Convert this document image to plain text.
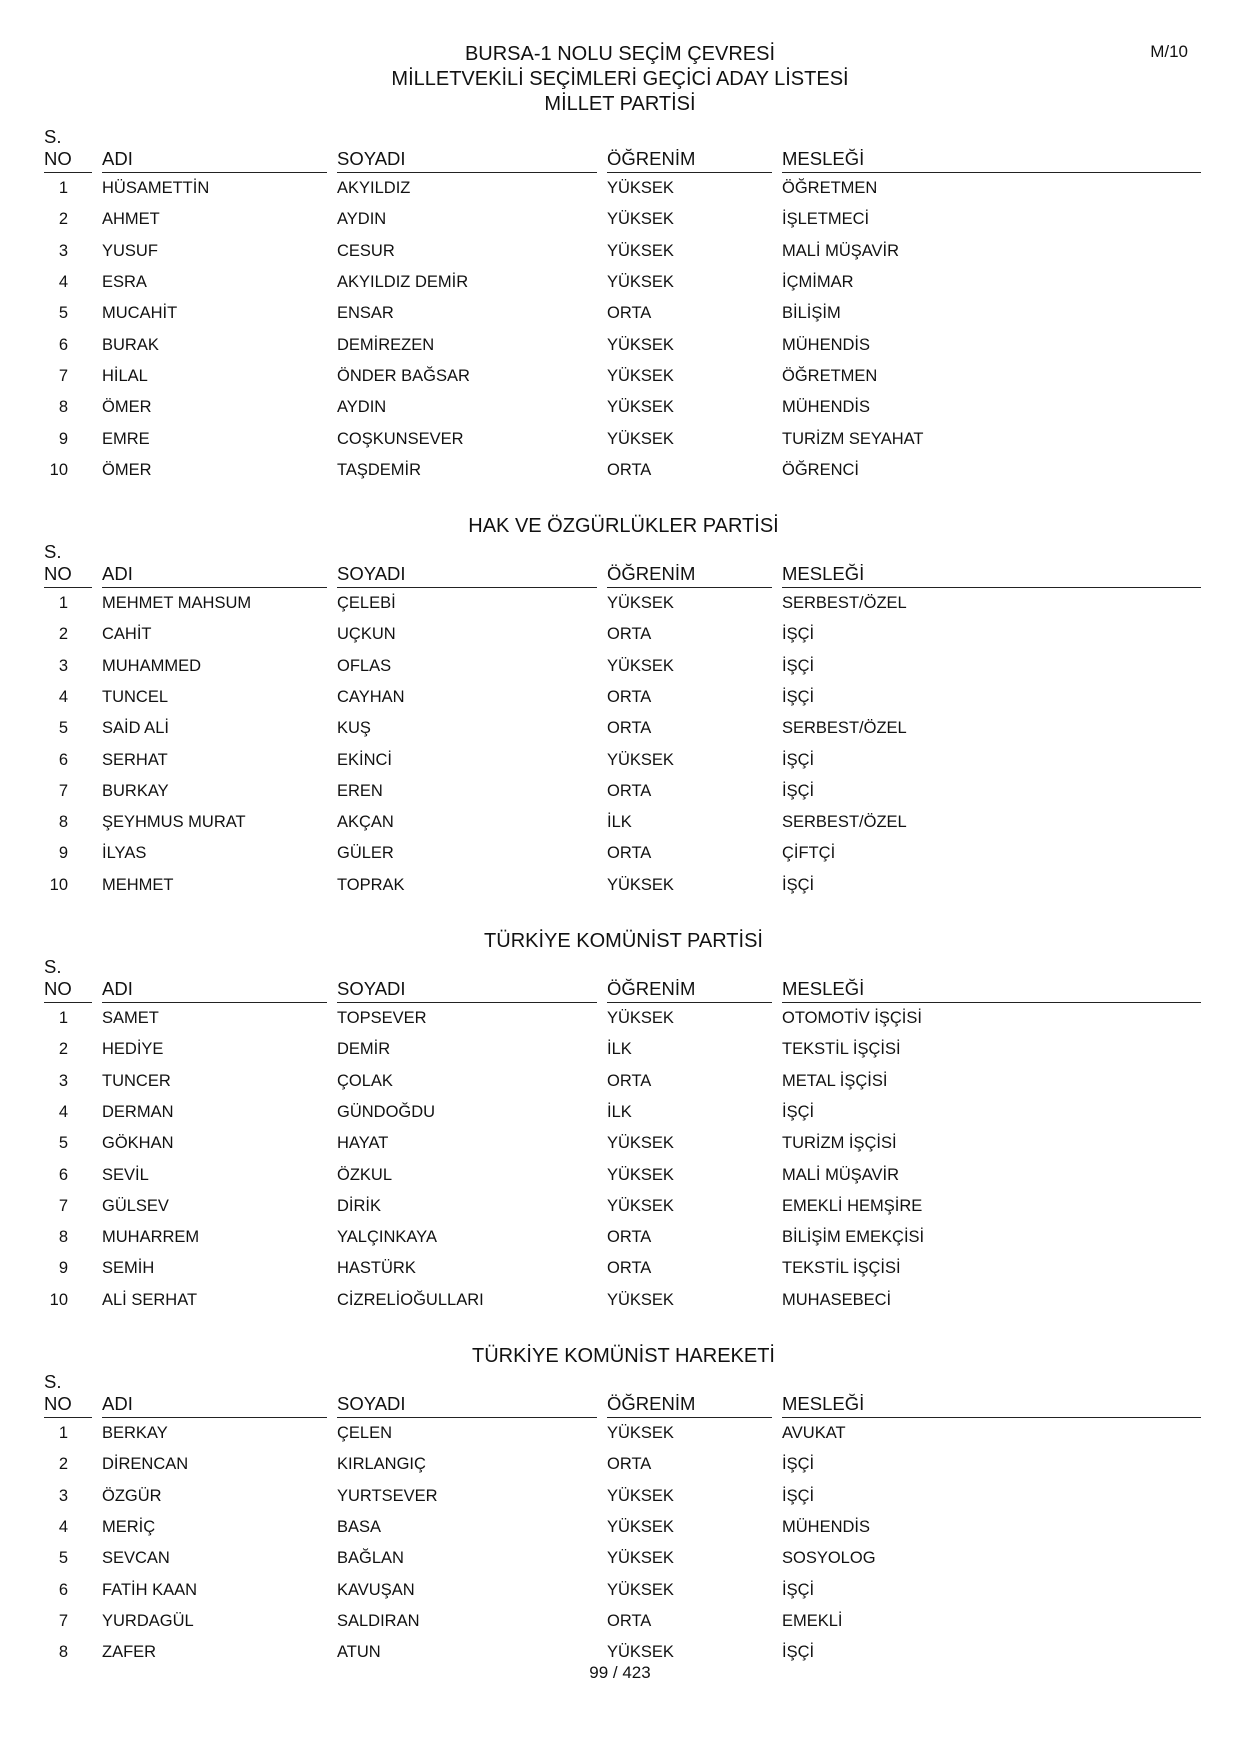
M/10
BURSA-1 NOLU SEÇİM ÇEVRESİ
MİLLETVEKİLİ SEÇİMLERİ GEÇİCİ ADAY LİSTESİ
MİLLET PARTİSİ
S. NO	ADI	SOYADI	ÖĞRENİM	MESLEĞİ

1	HÜSAMETTİN	AKYILDIZ	YÜKSEK	ÖĞRETMEN
2	AHMET	AYDIN	YÜKSEK	İŞLETMECİ
3	YUSUF	CESUR	YÜKSEK	MALİ MÜŞAVİR
4	ESRA	AKYILDIZ DEMİR	YÜKSEK	İÇMİMAR
5	MUCAHİT	ENSAR	ORTA	BİLİŞİM
6	BURAK	DEMİREZEN	YÜKSEK	MÜHENDİS
7	HİLAL	ÖNDER BAĞSAR	YÜKSEK	ÖĞRETMEN
8	ÖMER	AYDIN	YÜKSEK	MÜHENDİS
9	EMRE	COŞKUNSEVER	YÜKSEK	TURİZM SEYAHAT
10	ÖMER	TAŞDEMİR	ORTA	ÖĞRENCİ
HAK VE ÖZGÜRLÜKLER PARTİSİ
S. NO	ADI	SOYADI	ÖĞRENİM	MESLEĞİ

1	MEHMET MAHSUM	ÇELEBİ	YÜKSEK	SERBEST/ÖZEL
2	CAHİT	UÇKUN	ORTA	İŞÇİ
3	MUHAMMED	OFLAS	YÜKSEK	İŞÇİ
4	TUNCEL	CAYHAN	ORTA	İŞÇİ
5	SAİD ALİ	KUŞ	ORTA	SERBEST/ÖZEL
6	SERHAT	EKİNCİ	YÜKSEK	İŞÇİ
7	BURKAY	EREN	ORTA	İŞÇİ
8	ŞEYHMUS MURAT	AKÇAN	İLK	SERBEST/ÖZEL
9	İLYAS	GÜLER	ORTA	ÇİFTÇİ
10	MEHMET	TOPRAK	YÜKSEK	İŞÇİ
TÜRKİYE KOMÜNİST PARTİSİ
S. NO	ADI	SOYADI	ÖĞRENİM	MESLEĞİ

1	SAMET	TOPSEVER	YÜKSEK	OTOMOTİV İŞÇİSİ
2	HEDİYE	DEMİR	İLK	TEKSTİL İŞÇİSİ
3	TUNCER	ÇOLAK	ORTA	METAL İŞÇİSİ
4	DERMAN	GÜNDOĞDU	İLK	İŞÇİ
5	GÖKHAN	HAYAT	YÜKSEK	TURİZM İŞÇİSİ
6	SEVİL	ÖZKUL	YÜKSEK	MALİ MÜŞAVİR
7	GÜLSEV	DİRİK	YÜKSEK	EMEKLİ HEMŞİRE
8	MUHARREM	YALÇINKAYA	ORTA	BİLİŞİM EMEKÇİSİ
9	SEMİH	HASTÜRK	ORTA	TEKSTİL İŞÇİSİ
10	ALİ SERHAT	CİZRELİOĞULLARI	YÜKSEK	MUHASEBECİ
TÜRKİYE KOMÜNİST HAREKETİ
S. NO	ADI	SOYADI	ÖĞRENİM	MESLEĞİ

1	BERKAY	ÇELEN	YÜKSEK	AVUKAT
2	DİRENCAN	KIRLANGIÇ	ORTA	İŞÇİ
3	ÖZGÜR	YURTSEVER	YÜKSEK	İŞÇİ
4	MERİÇ	BASA	YÜKSEK	MÜHENDİS
5	SEVCAN	BAĞLAN	YÜKSEK	SOSYOLOG
6	FATİH KAAN	KAVUŞAN	YÜKSEK	İŞÇİ
7	YURDAGÜL	SALDIRAN	ORTA	EMEKLİ
8	ZAFER	ATUN	YÜKSEK	İŞÇİ
99 / 423
